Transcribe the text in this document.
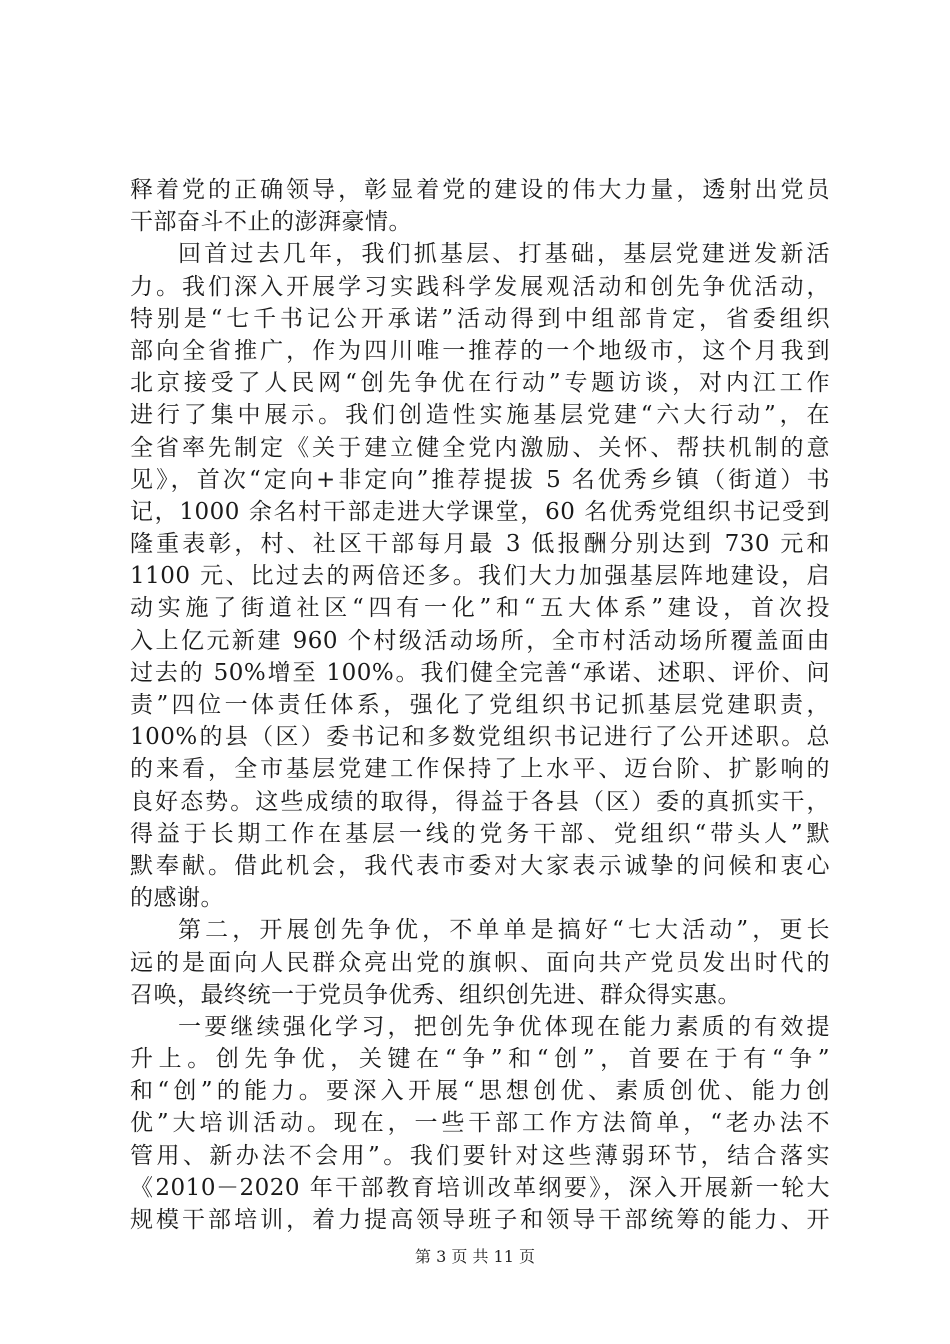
释着党的正确领导，彰显着党的建设的伟大力量，透射出党员
干部奋斗不止的澎湃豪情。
回首过去几年，我们抓基层、打基础，基层党建迸发新活
力。我们深入开展学习实践科学发展观活动和创先争优活动，
特别是“七千书记公开承诺”活动得到中组部肯定，省委组织
部向全省推广，作为四川唯一推荐的一个地级市，这个月我到
北京接受了人民网“创先争优在行动”专题访谈，对内江工作
进行了集中展示。我们创造性实施基层党建“六大行动”，在
全省率先制定《关于建立健全党内激励、关怀、帮扶机制的意
见》，首次“定向+非定向”推荐提拔 5 名优秀乡镇（街道）书
记，1000 余名村干部走进大学课堂，60 名优秀党组织书记受到
隆重表彰，村、社区干部每月最 3 低报酬分别达到 730 元和
1100 元、比过去的两倍还多。我们大力加强基层阵地建设，启
动实施了街道社区“四有一化”和“五大体系”建设，首次投
入上亿元新建 960 个村级活动场所，全市村活动场所覆盖面由
过去的 50%增至 100%。我们健全完善“承诺、述职、评价、问
责”四位一体责任体系，强化了党组织书记抓基层党建职责，
100%的县（区）委书记和多数党组织书记进行了公开述职。总
的来看，全市基层党建工作保持了上水平、迈台阶、扩影响的
良好态势。这些成绩的取得，得益于各县（区）委的真抓实干，
得益于长期工作在基层一线的党务干部、党组织“带头人”默
默奉献。借此机会，我代表市委对大家表示诚挚的问候和衷心
的感谢。
第二，开展创先争优，不单单是搞好“七大活动”，更长
远的是面向人民群众亮出党的旗帜、面向共产党员发出时代的
召唤，最终统一于党员争优秀、组织创先进、群众得实惠。
一要继续强化学习，把创先争优体现在能力素质的有效提
升上。创先争优，关键在“争”和“创”，首要在于有“争”
和“创”的能力。要深入开展“思想创优、素质创优、能力创
优”大培训活动。现在，一些干部工作方法简单，“老办法不
管用、新办法不会用”。我们要针对这些薄弱环节，结合落实
《2010－2020 年干部教育培训改革纲要》，深入开展新一轮大
规模干部培训，着力提高领导班子和领导干部统筹的能力、开
第 3 页 共 11 页
